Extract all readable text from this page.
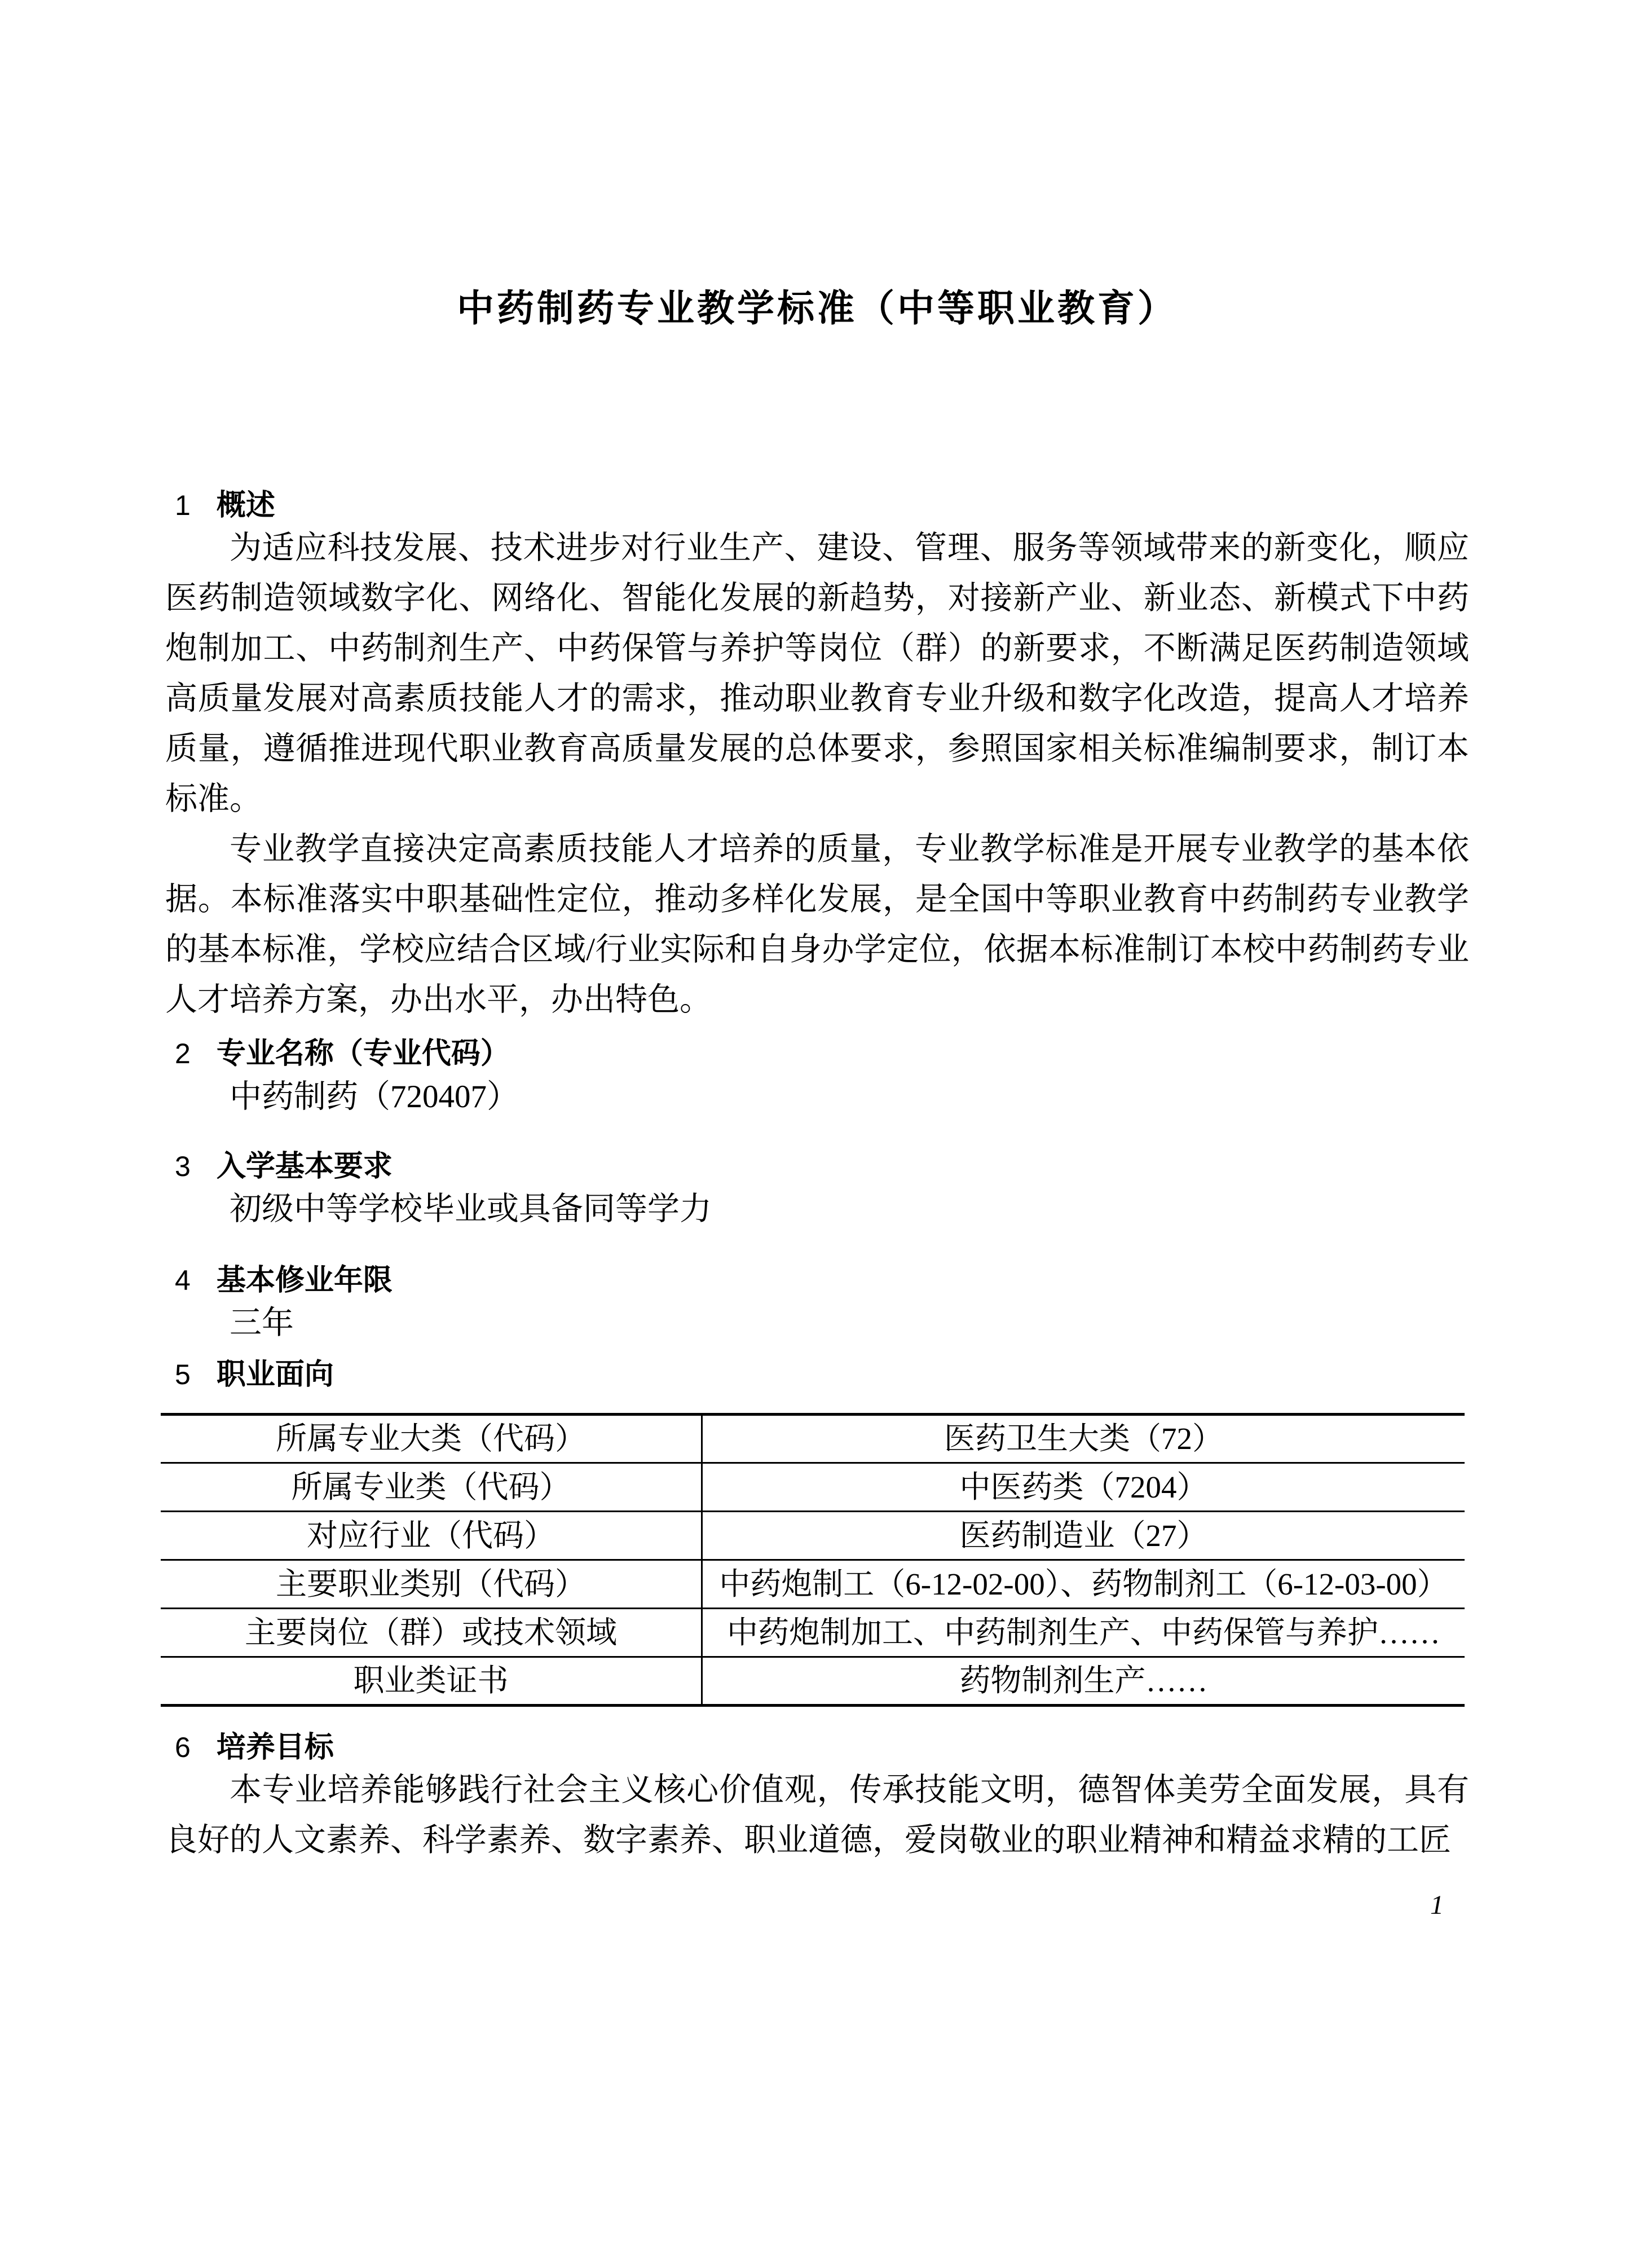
中药制药专业教学标准（中等职业教育）
1 概述

为适应科技发展、技术进步对行业生产、建设、管理、服务等领域带来的新变化，顺应医药制造领域数字化、网络化、智能化发展的新趋势，对接新产业、新业态、新模式下中药炮制加工、中药制剂生产、中药保管与养护等岗位（群）的新要求，不断满足医药制造领域高质量发展对高素质技能人才的需求，推动职业教育专业升级和数字化改造，提高人才培养质量，遵循推进现代职业教育高质量发展的总体要求，参照国家相关标准编制要求，制订本标准。

专业教学直接决定高素质技能人才培养的质量，专业教学标准是开展专业教学的基本依据。本标准落实中职基础性定位，推动多样化发展，是全国中等职业教育中药制药专业教学的基本标准，学校应结合区域/行业实际和自身办学定位，依据本标准制订本校中药制药专业人才培养方案，办出水平，办出特色。

2 专业名称（专业代码）

中药制药（720407）

3 入学基本要求

初级中等学校毕业或具备同等学力

4 基本修业年限

三年

5 职业面向
所属专业大类（代码）	医药卫生大类（72）
所属专业类（代码）	中医药类（7204）
对应行业（代码）	医药制造业（27）
主要职业类别（代码）	中药炮制工（6-12-02-00）、药物制剂工（6-12-03-00）
主要岗位（群）或技术领域	中药炮制加工、中药制剂生产、中药保管与养护……
职业类证书	药物制剂生产……
6 培养目标

本专业培养能够践行社会主义核心价值观，传承技能文明，德智体美劳全面发展，具有良好的人文素养、科学素养、数字素养、职业道德，爱岗敬业的职业精神和精益求精的工匠

1
